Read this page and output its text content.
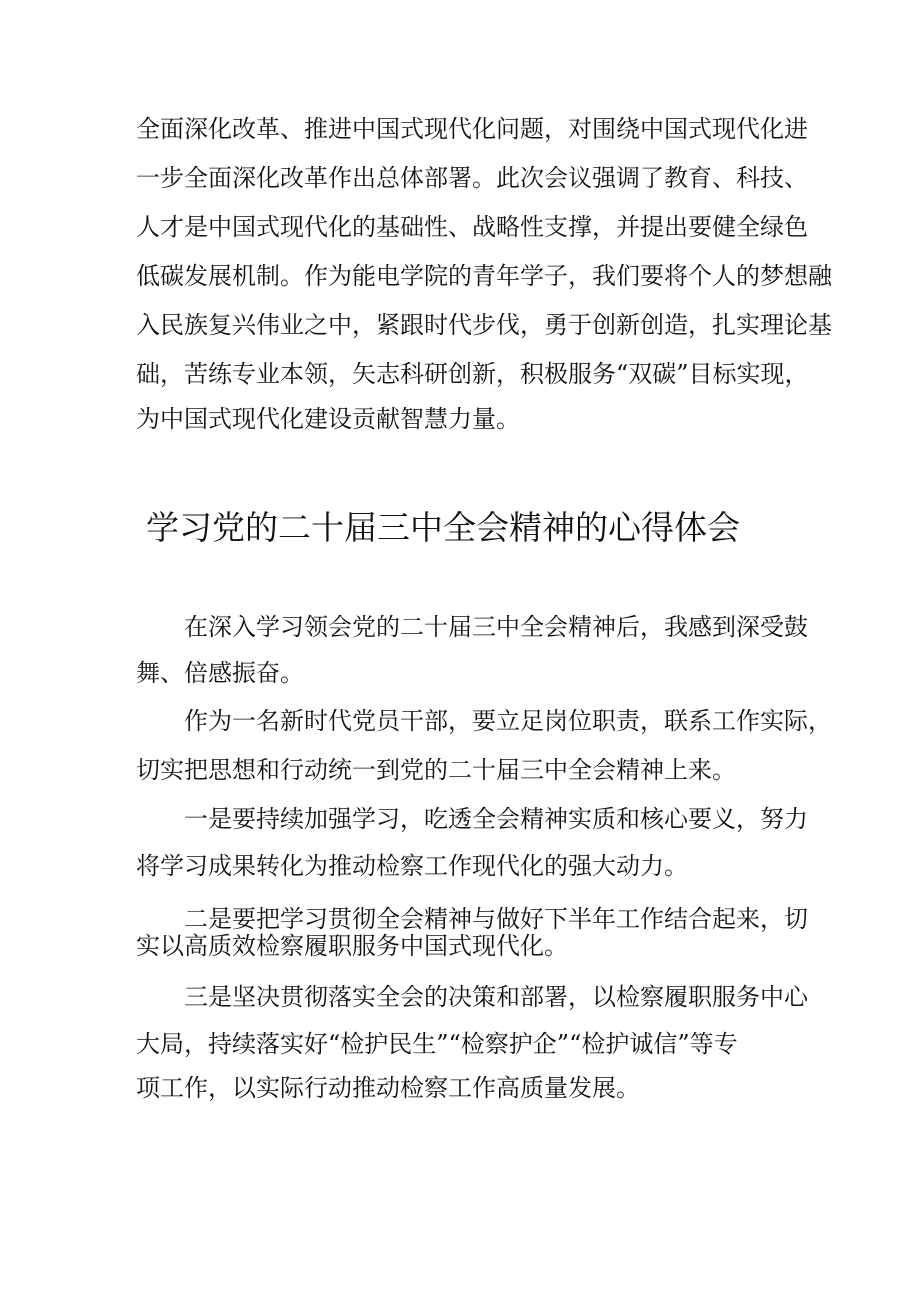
全面深化改革、推进中国式现代化问题，对围绕中国式现代化进
一步全面深化改革作出总体部署。此次会议强调了教育、科技、
人才是中国式现代化的基础性、战略性支撑，并提出要健全绿色
低碳发展机制。作为能电学院的青年学子，我们要将个人的梦想融
入民族复兴伟业之中，紧跟时代步伐，勇于创新创造，扎实理论基
础，苦练专业本领，矢志科研创新，积极服务“双碳”目标实现，
为中国式现代化建设贡献智慧力量。
学习党的二十届三中全会精神的心得体会
在深入学习领会党的二十届三中全会精神后，我感到深受鼓
舞、倍感振奋。
作为一名新时代党员干部，要立足岗位职责，联系工作实际，
切实把思想和行动统一到党的二十届三中全会精神上来。
一是要持续加强学习，吃透全会精神实质和核心要义，努力
将学习成果转化为推动检察工作现代化的强大动力。
二是要把学习贯彻全会精神与做好下半年工作结合起来，切
实以高质效检察履职服务中国式现代化。
三是坚决贯彻落实全会的决策和部署，以检察履职服务中心
大局，持续落实好“检护民生”“检察护企”“检护诚信”等专
项工作，以实际行动推动检察工作高质量发展。
